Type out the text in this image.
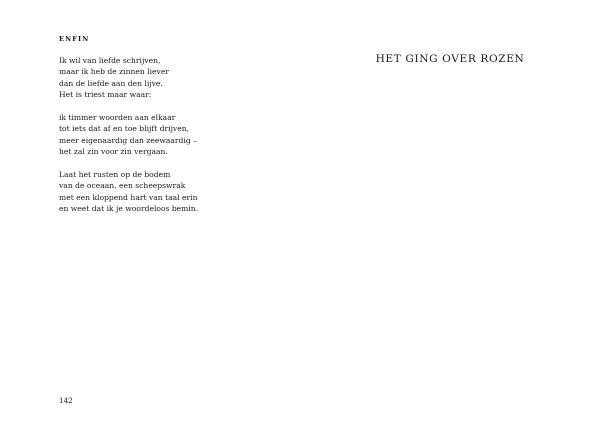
ENFIN
Ik wil van liefde schrijven,
maar ik heb de zinnen liever
dan de liefde aan den lijve.
Het is triest maar waar:
ik timmer woorden aan elkaar
tot iets dat af en toe blijft drijven,
meer eigenaardig dan zeewaardig –
het zal zin voor zin vergaan.
Laat het rusten op de bodem
van de oceaan, een scheepswrak
met een kloppend hart van taal erin
en weet dat ik je woordeloos bemin.
142
HET GING OVER ROZEN
